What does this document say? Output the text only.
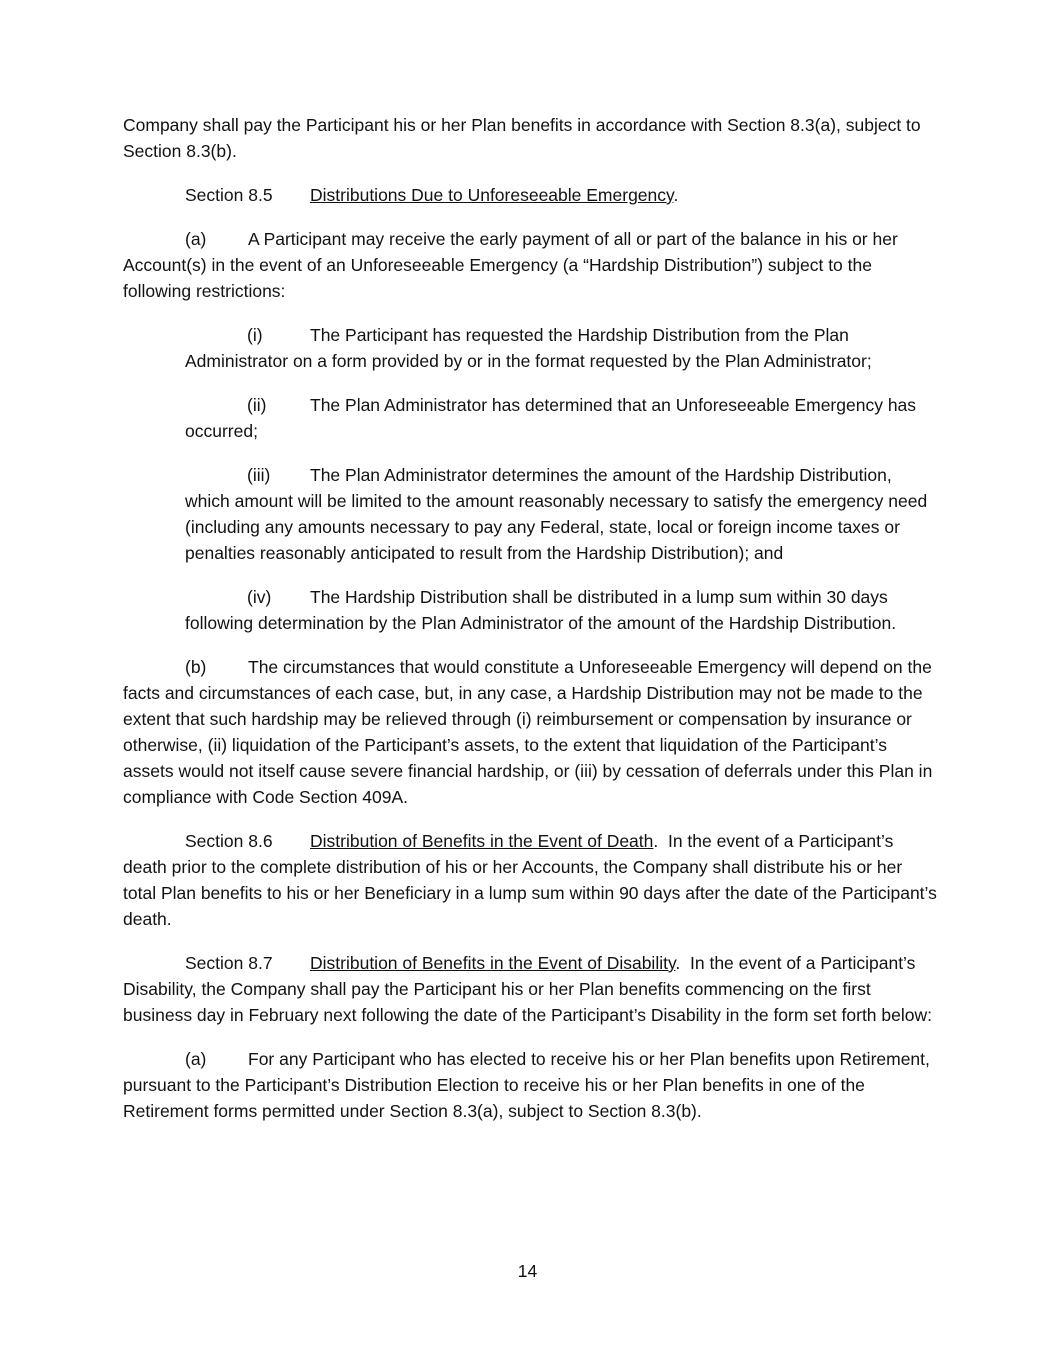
Company shall pay the Participant his or her Plan benefits in accordance with Section 8.3(a), subject to Section 8.3(b).

Section 8.5 Distributions Due to Unforeseeable Emergency.

(a) A Participant may receive the early payment of all or part of the balance in his or her Account(s) in the event of an Unforeseeable Emergency (a “Hardship Distribution”) subject to the following restrictions:

(i)	The Participant has requested the Hardship Distribution from the Plan Administrator on a form provided by or in the format requested by the Plan Administrator;

(ii) The Plan Administrator has determined that an Unforeseeable Emergency has occurred;

(iii) The Plan Administrator determines the amount of the Hardship Distribution, which amount will be limited to the amount reasonably necessary to satisfy the emergency need (including any amounts necessary to pay any Federal, state, local or foreign income taxes or penalties reasonably anticipated to result from the Hardship Distribution); and

(iv) The Hardship Distribution shall be distributed in a lump sum within 30 days following determination by the Plan Administrator of the amount of the Hardship Distribution.

(b) The circumstances that would constitute a Unforeseeable Emergency will depend on the facts and circumstances of each case, but, in any case, a Hardship Distribution may not be made to the extent that such hardship may be relieved through (i) reimbursement or compensation by insurance or otherwise, (ii) liquidation of the Participant’s assets, to the extent that liquidation of the Participant’s assets would not itself cause severe financial hardship, or (iii) by cessation of deferrals under this Plan in compliance with Code Section 409A.

Section 8.6 Distribution of Benefits in the Event of Death.  In the event of a Participant’s death prior to the complete distribution of his or her Accounts, the Company shall distribute his or her total Plan benefits to his or her Beneficiary in a lump sum within 90 days after the date of the Participant’s death.

Section 8.7 Distribution of Benefits in the Event of Disability.  In the event of a Participant’s Disability, the Company shall pay the Participant his or her Plan benefits commencing on the first business day in February next following the date of the Participant’s Disability in the form set forth below:

(a) For any Participant who has elected to receive his or her Plan benefits upon Retirement, pursuant to the Participant’s Distribution Election to receive his or her Plan benefits in one of the Retirement forms permitted under Section 8.3(a), subject to Section 8.3(b).

14
